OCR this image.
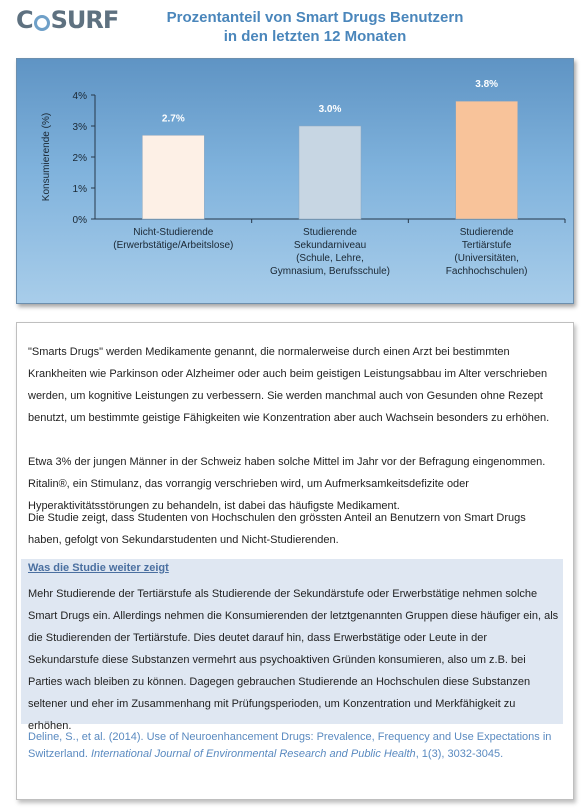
C SURF	Prozentanteil von Smart Drugs Benutzern
in den letzten 12 Monaten
0%
1%
2%
3%
4%
Konsumierende (%)	2.7%
Nicht-Studierende
(Erwerbstätige/Arbeitslose)
3.0%
Studierende
Sekundarniveau
(Schule, Lehre,
Gymnasium, Berufsschule)
3.8%
Studierende
Tertiärstufe
(Universitäten,
Fachhochschulen)

"Smarts Drugs" werden Medikamente genannt, die normalerweise durch einen Arzt bei bestimmten Krankheiten wie Parkinson oder Alzheimer oder auch beim geistigen Leistungsabbau im Alter verschrieben werden, um kognitive Leistungen zu verbessern. Sie werden manchmal auch von Gesunden ohne Rezept benutzt, um bestimmte geistige Fähigkeiten wie Konzentration aber auch Wachsein besonders zu erhöhen.

Etwa 3% der jungen Männer in der Schweiz haben solche Mittel im Jahr vor der Befragung eingenommen. Ritalin®, ein Stimulanz, das vorrangig verschrieben wird, um Aufmerksamkeitsdefizite oder Hyperaktivitätsstörungen zu behandeln, ist dabei das häufigste Medikament.

Die Studie zeigt, dass Studenten von Hochschulen den grössten Anteil an Benutzern von Smart Drugs haben, gefolgt von Sekundarstudenten und Nicht-Studierenden.

Was die Studie weiter zeigt

Mehr Studierende der Tertiärstufe als Studierende der Sekundärstufe oder Erwerbstätige nehmen solche Smart Drugs ein. Allerdings nehmen die Konsumierenden der letztgenannten Gruppen diese häufiger ein, als die Studierenden der Tertiärstufe. Dies deutet darauf hin, dass Erwerbstätige oder Leute in der Sekundarstufe diese Substanzen vermehrt aus psychoaktiven Gründen konsumieren, also um z.B. bei Parties wach bleiben zu können. Dagegen gebrauchen Studierende an Hochschulen diese Substanzen seltener und eher im Zusammenhang mit Prüfungsperioden, um Konzentration und Merkfähigkeit zu erhöhen.

Deline, S., et al. (2014). Use of Neuroenhancement Drugs: Prevalence, Frequency and Use Expectations in Switzerland. International Journal of Environmental Research and Public Health, 1(3), 3032-3045.
